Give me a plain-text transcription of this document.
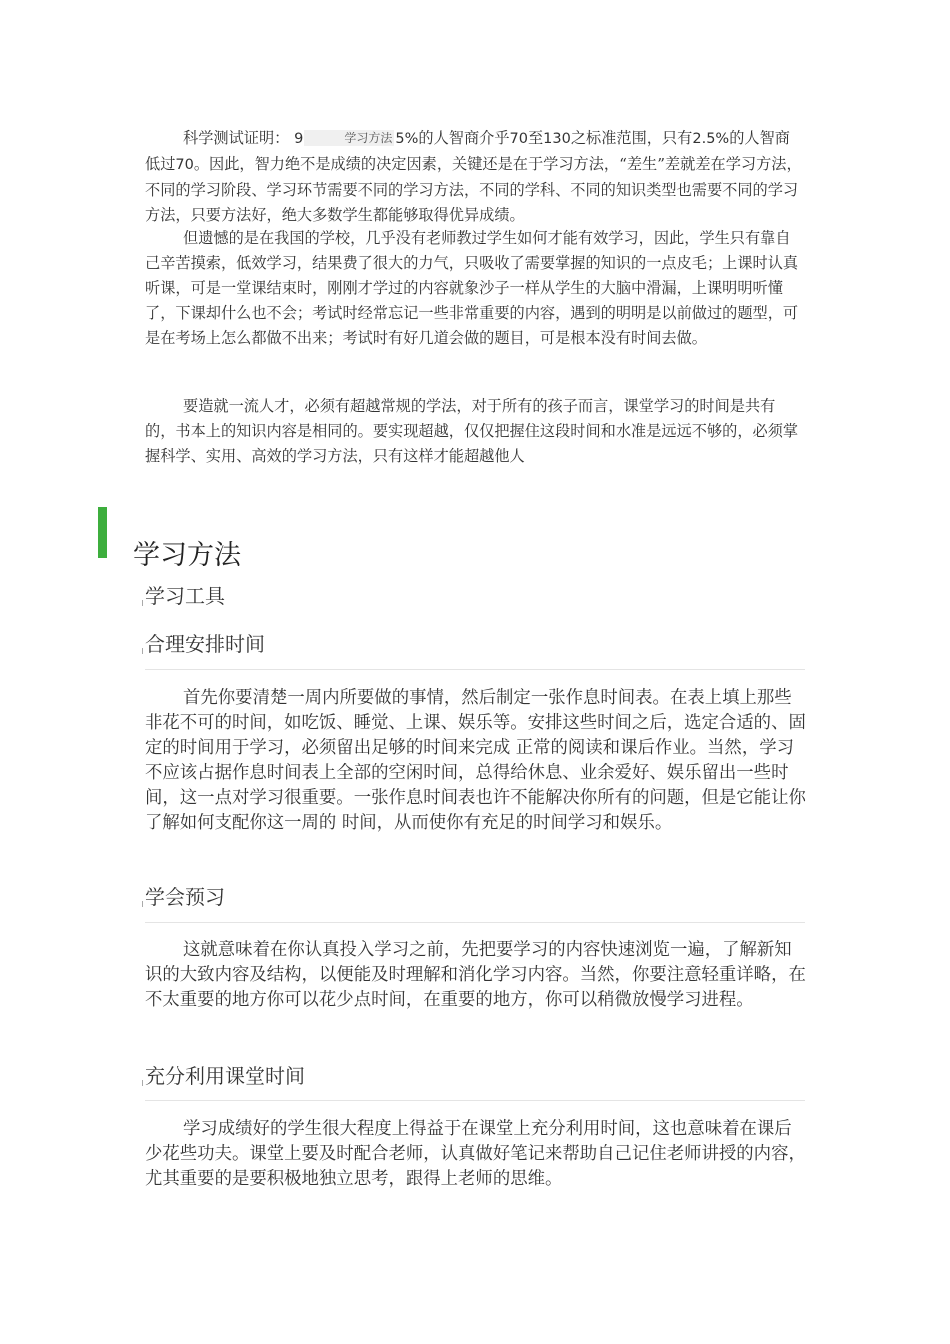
科学测试证明： 9	学习方法 5%的人智商介乎70至130之标准范围，只有2.5%的人智商低过70。因此，智力绝不是成绩的决定因素，关键还是在于学习方法，“差生”差就差在学习方法，不同的学习阶段、学习环节需要不同的学习方法，不同的学科、不同的知识类型也需要不同的学习方法，只要方法好，绝大多数学生都能够取得优异成绩。

但遗憾的是在我国的学校，几乎没有老师教过学生如何才能有效学习，因此，学生只有靠自己辛苦摸索，低效学习，结果费了很大的力气，只吸收了需要掌握的知识的一点皮毛；上课时认真听课，可是一堂课结束时，刚刚才学过的内容就象沙子一样从学生的大脑中滑漏，上课明明听懂了，下课却什么也不会；考试时经常忘记一些非常重要的内容，遇到的明明是以前做过的题型，可是在考场上怎么都做不出来；考试时有好几道会做的题目，可是根本没有时间去做。

要造就一流人才，必须有超越常规的学法，对于所有的孩子而言，课堂学习的时间是共有的，书本上的知识内容是相同的。要实现超越，仅仅把握住这段时间和水准是远远不够的，必须掌握科学、实用、高效的学习方法，只有这样才能超越他人

学习方法
学习工具
合理安排时间

首先你要清楚一周内所要做的事情，然后制定一张作息时间表。在表上填上那些非花不可的时间，如吃饭、睡觉、上课、娱乐等。安排这些时间之后，选定合适的、固定的时间用于学习，必须留出足够的时间来完成 正常的阅读和课后作业。当然，学习不应该占据作息时间表上全部的空闲时间，总得给休息、业余爱好、娱乐留出一些时间，这一点对学习很重要。一张作息时间表也许不能解决你所有的问题，但是它能让你了解如何支配你这一周的 时间，从而使你有充足的时间学习和娱乐。

学会预习

这就意味着在你认真投入学习之前，先把要学习的内容快速浏览一遍，了解新知识的大致内容及结构，以便能及时理解和消化学习内容。当然，你要注意轻重详略，在不太重要的地方你可以花少点时间，在重要的地方，你可以稍微放慢学习进程。

充分利用课堂时间

学习成绩好的学生很大程度上得益于在课堂上充分利用时间，这也意味着在课后少花些功夫。课堂上要及时配合老师，认真做好笔记来帮助自己记住老师讲授的内容，尤其重要的是要积极地独立思考，跟得上老师的思维。
